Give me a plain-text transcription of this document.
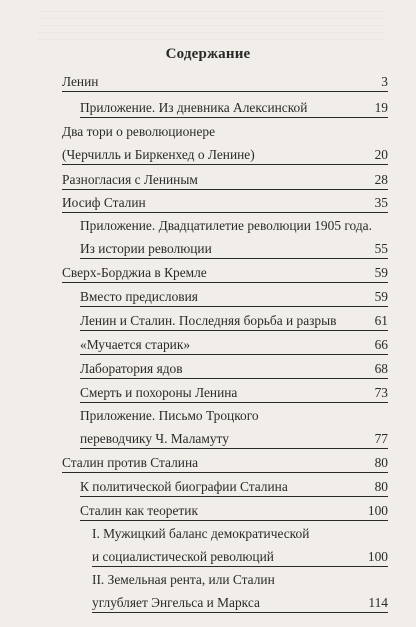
Содержание
Ленин	3
Приложение. Из дневника Алексинской	19
Два тори о революционере
(Черчилль и Биркенхед о Ленине)	20
Разногласия с Лениным	28
Иосиф Сталин	35
Приложение. Двадцатилетие революции 1905 года.
Из истории революции	55
Сверх-Борджиа в Кремле	59
Вместо предисловия	59
Ленин и Сталин. Последняя борьба и разрыв	61
«Мучается старик»	66
Лаборатория ядов	68
Смерть и похороны Ленина	73
Приложение. Письмо Троцкого
переводчику Ч. Маламуту	77
Сталин против Сталина	80
К политической биографии Сталина	80
Сталин как теоретик	100
I. Мужицкий баланс демократической
и социалистической революций	100
II. Земельная рента, или Сталин
углубляет Энгельса и Маркса	114
